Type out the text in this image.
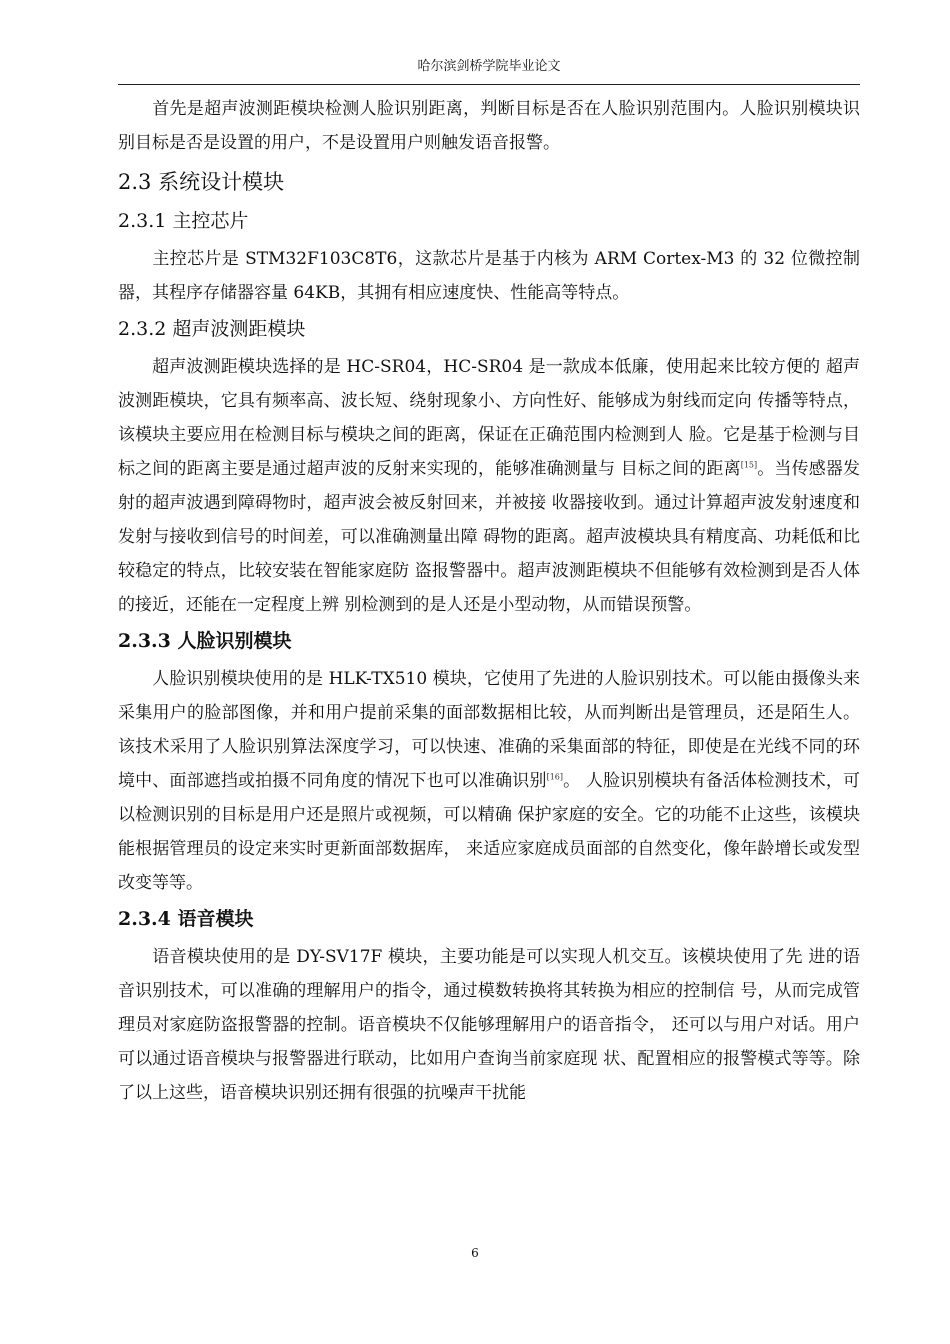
哈尔滨剑桥学院毕业论文

首先是超声波测距模块检测人脸识别距离，判断目标是否在人脸识别范围内。人脸识别模块识别目标是否是设置的用户，不是设置用户则触发语音报警。

2.3 系统设计模块
2.3.1 主控芯片

主控芯片是 STM32F103C8T6，这款芯片是基于内核为 ARM Cortex-M3 的 32 位微控制 器，其程序存储器容量 64KB，其拥有相应速度快、性能高等特点。

2.3.2 超声波测距模块

超声波测距模块选择的是 HC-SR04，HC-SR04 是一款成本低廉，使用起来比较方便的 超声波测距模块，它具有频率高、波长短、绕射现象小、方向性好、能够成为射线而定向 传播等特点，该模块主要应用在检测目标与模块之间的距离，保证在正确范围内检测到人 脸。它是基于检测与目标之间的距离主要是通过超声波的反射来实现的，能够准确测量与 目标之间的距离[15]。当传感器发射的超声波遇到障碍物时，超声波会被反射回来，并被接 收器接收到。通过计算超声波发射速度和发射与接收到信号的时间差，可以准确测量出障 碍物的距离。超声波模块具有精度高、功耗低和比较稳定的特点，比较安装在智能家庭防 盗报警器中。超声波测距模块不但能够有效检测到是否人体的接近，还能在一定程度上辨 别检测到的是人还是小型动物，从而错误预警。

2.3.3 人脸识别模块

人脸识别模块使用的是 HLK-TX510 模块，它使用了先进的人脸识别技术。可以能由摄像头来采集用户的脸部图像，并和用户提前采集的面部数据相比较，从而判断出是管理员，还是陌生人。该技术采用了人脸识别算法深度学习，可以快速、准确的采集面部的特征，即使是在光线不同的环境中、面部遮挡或拍摄不同角度的情况下也可以准确识别[16]。 人脸识别模块有备活体检测技术，可以检测识别的目标是用户还是照片或视频，可以精确 保护家庭的安全。它的功能不止这些，该模块能根据管理员的设定来实时更新面部数据库， 来适应家庭成员面部的自然变化，像年龄增长或发型改变等等。

2.3.4 语音模块

语音模块使用的是 DY-SV17F 模块，主要功能是可以实现人机交互。该模块使用了先 进的语音识别技术，可以准确的理解用户的指令，通过模数转换将其转换为相应的控制信 号，从而完成管理员对家庭防盗报警器的控制。语音模块不仅能够理解用户的语音指令， 还可以与用户对话。用户可以通过语音模块与报警器进行联动，比如用户查询当前家庭现 状、配置相应的报警模式等等。除了以上这些，语音模块识别还拥有很强的抗噪声干扰能

6
